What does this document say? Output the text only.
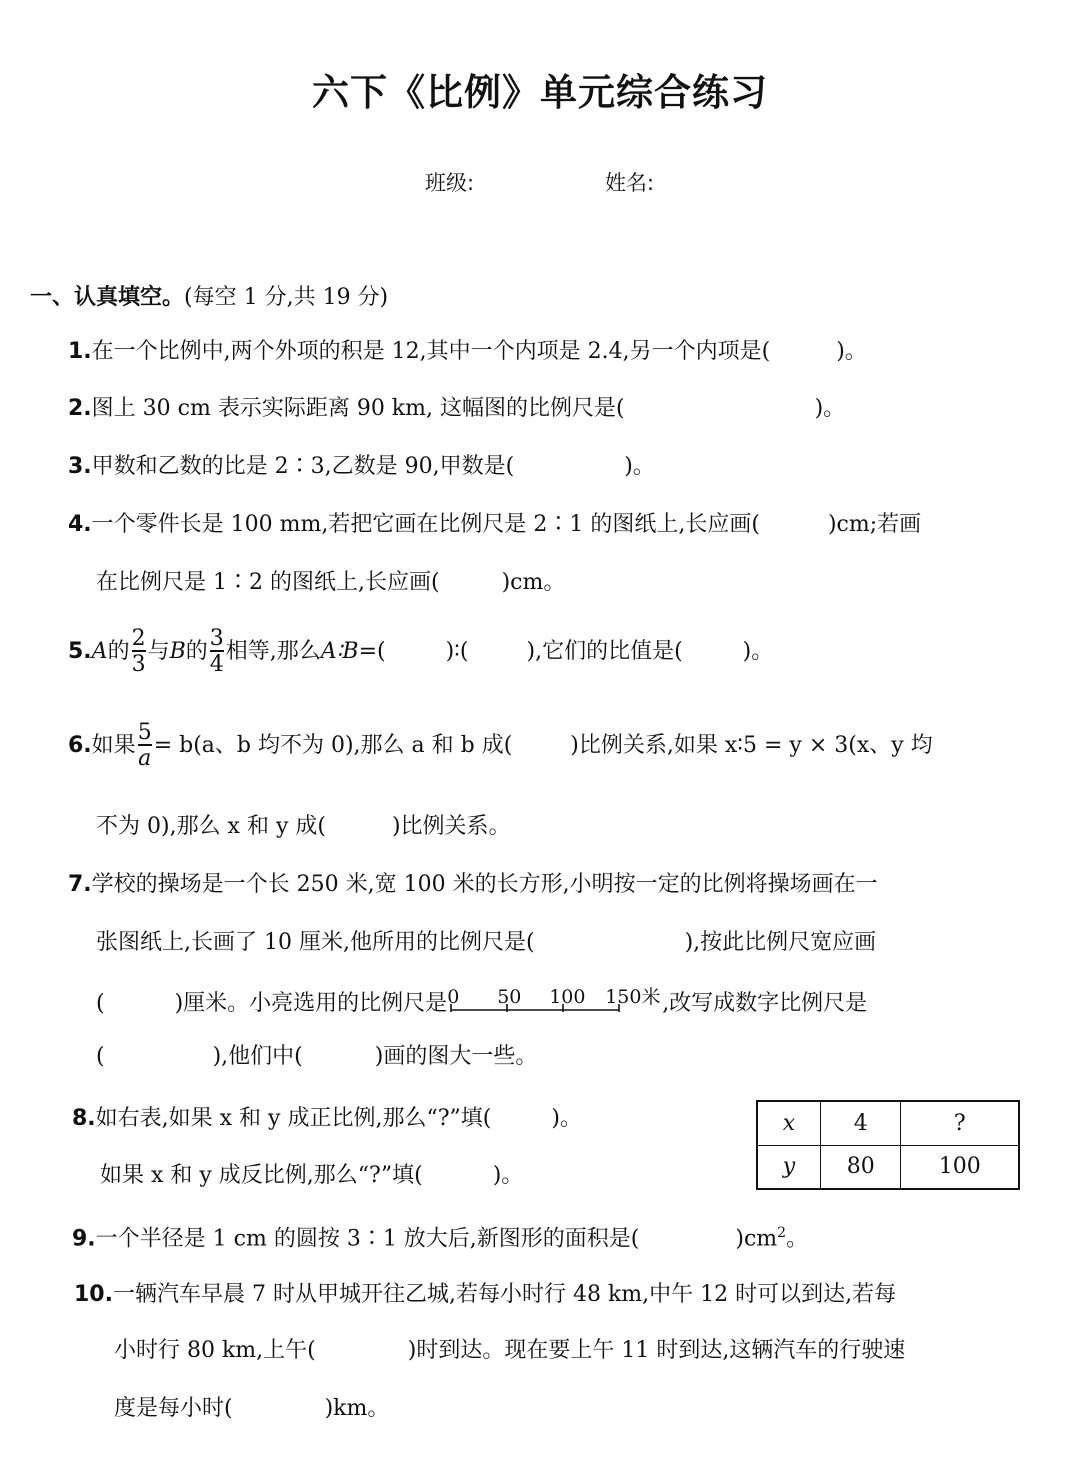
六下《比例》单元综合练习
班级:	姓名:
一、认真填空。(每空 1 分,共 19 分)
1.在一个比例中,两个外项的积是 12,其中一个内项是 2.4,另一个内项是(	)。
2.图上 30 cm 表示实际距离 90 km, 这幅图的比例尺是(	)。
3.甲数和乙数的比是 2∶3,乙数是 90,甲数是(	)。
4.一个零件长是 100 mm,若把它画在比例尺是 2∶1 的图纸上,长应画(	)cm;若画
在比例尺是 1∶2 的图纸上,长应画(	)cm。
5.A的 $\frac{2}{3}$ 与B的 $\frac{3}{4}$ 相等,那么A∶B=(	)∶(	),它们的比值是(	)。
6.如果 $\frac{5}{a} = b(a$、b 均不为 0),那么 a 和 b 成(	)比例关系,如果 x∶5 = y × 3(x、y 均
不为 0),那么 x 和 y 成(	)比例关系。
7.学校的操场是一个长 250 米,宽 100 米的长方形,小明按一定的比例将操场画在一
张图纸上,长画了 10 厘米,他所用的比例尺是(	),按此比例尺宽应画
(	)厘米。小亮选用的比例尺是 0 50 100 150米 ,改写成数字比例尺是
(	),他们中(	)画的图大一些。
8.如右表,如果 x 和 y 成正比例,那么“?”填(	)。
如果 x 和 y 成反比例,那么“?”填(	)。
x	4	?
y	80	100
9.一个半径是 1 cm 的圆按 3∶1 放大后,新图形的面积是(	)$cm^2$。
10.一辆汽车早晨 7 时从甲城开往乙城,若每小时行 48 km,中午 12 时可以到达,若每
小时行 80 km,上午(	)时到达。现在要上午 11 时到达,这辆汽车的行驶速
度是每小时(	)km。
